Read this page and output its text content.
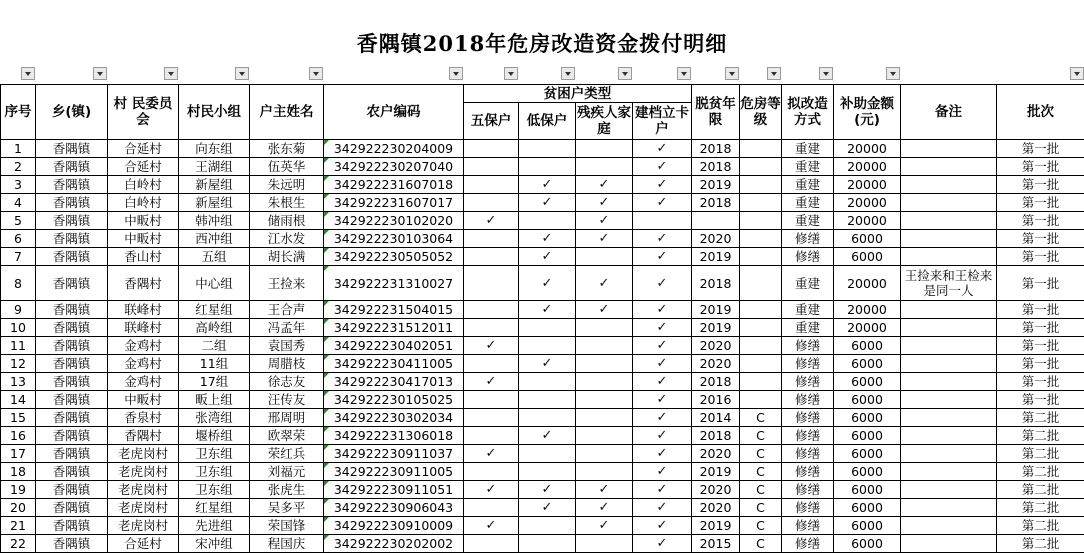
香隅镇2018年危房改造资金拨付明细

序号	乡(镇)	村 民委员会	村民小组	户主姓名	农户编码	贫困户类型				脱贫年限	危房等级	拟改造方式	补助金额(元)	备注	批次
						五保户	低保户	残疾人家庭	建档立卡户						
1	香隅镇	合延村	向东组	张东菊	342922230204009				✓	2018		重建	20000		第一批
2	香隅镇	合延村	王湖组	伍英华	342922230207040				✓	2018		重建	20000		第一批
3	香隅镇	白岭村	新屋组	朱远明	342922231607018		✓	✓	✓	2019		重建	20000		第一批
4	香隅镇	白岭村	新屋组	朱根生	342922231607017		✓	✓	✓	2018		重建	20000		第一批
5	香隅镇	中畈村	韩冲组	储雨根	342922230102020	✓		✓				重建	20000		第一批
6	香隅镇	中畈村	西冲组	江水发	342922230103064		✓	✓	✓	2020		修缮	6000		第一批
7	香隅镇	香山村	五组	胡长满	342922230505052		✓		✓	2019		修缮	6000		第一批
8	香隅镇	香隅村	中心组	王捡来	342922231310027		✓	✓	✓	2018		重建	20000	王捡来和王检来是同一人	第一批
9	香隅镇	联峰村	红星组	王合声	342922231504015		✓	✓	✓	2019		重建	20000		第一批
10	香隅镇	联峰村	高岭组	冯孟年	342922231512011				✓	2019		重建	20000		第一批
11	香隅镇	金鸡村	二组	袁国秀	342922230402051	✓			✓	2020		修缮	6000		第一批
12	香隅镇	金鸡村	11组	周腊枝	342922230411005		✓		✓	2020		修缮	6000		第一批
13	香隅镇	金鸡村	17组	徐志友	342922230417013	✓			✓	2018		修缮	6000		第一批
14	香隅镇	中畈村	畈上组	汪传友	342922230105025				✓	2016		修缮	6000		第一批
15	香隅镇	香泉村	张湾组	邢周明	342922230302034				✓	2014	C	修缮	6000		第二批
16	香隅镇	香隅村	堰桥组	欧翠荣	342922231306018		✓		✓	2018	C	修缮	6000		第二批
17	香隅镇	老虎岗村	卫东组	荣红兵	342922230911037	✓			✓	2020	C	修缮	6000		第二批
18	香隅镇	老虎岗村	卫东组	刘福元	342922230911005				✓	2019	C	修缮	6000		第二批
19	香隅镇	老虎岗村	卫东组	张虎生	342922230911051	✓	✓	✓	✓	2020	C	修缮	6000		第二批
20	香隅镇	老虎岗村	红星组	吴多平	342922230906043		✓	✓	✓	2020	C	修缮	6000		第二批
21	香隅镇	老虎岗村	先进组	荣国锋	342922230910009	✓		✓	✓	2019	C	修缮	6000		第二批
22	香隅镇	合延村	宋冲组	程国庆	342922230202002				✓	2015	C	修缮	6000		第二批
